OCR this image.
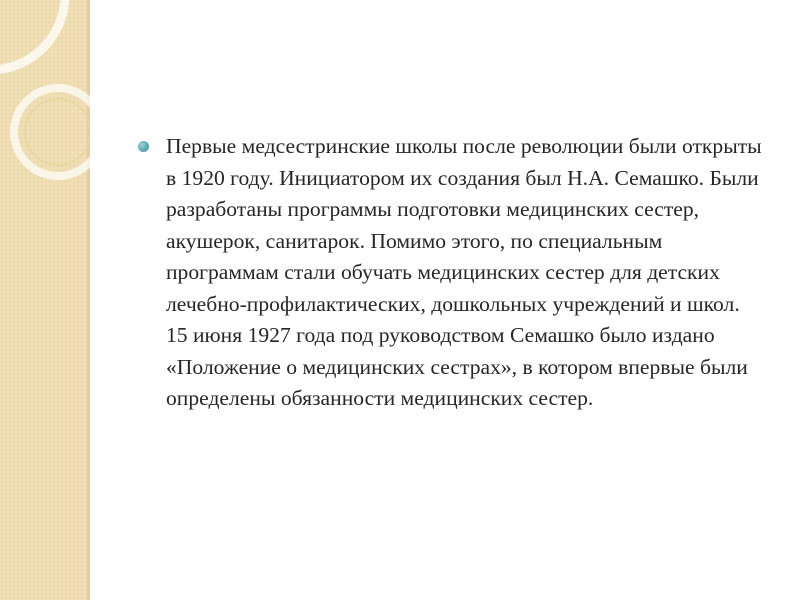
Первые медсестринские школы после революции были открыты в 1920 году. Инициатором их создания был Н.А. Семашко. Были разработаны программы подготовки медицинских сестер, акушерок, санитарок. Помимо этого, по специальным программам стали обучать медицинских сестер для детских лечебно-профилактических, дошкольных учреждений и школ. 15 июня 1927 года под руководством Семашко было издано «Положение о медицинских сестрах», в котором впервые были определены обязанности медицинских сестер.
